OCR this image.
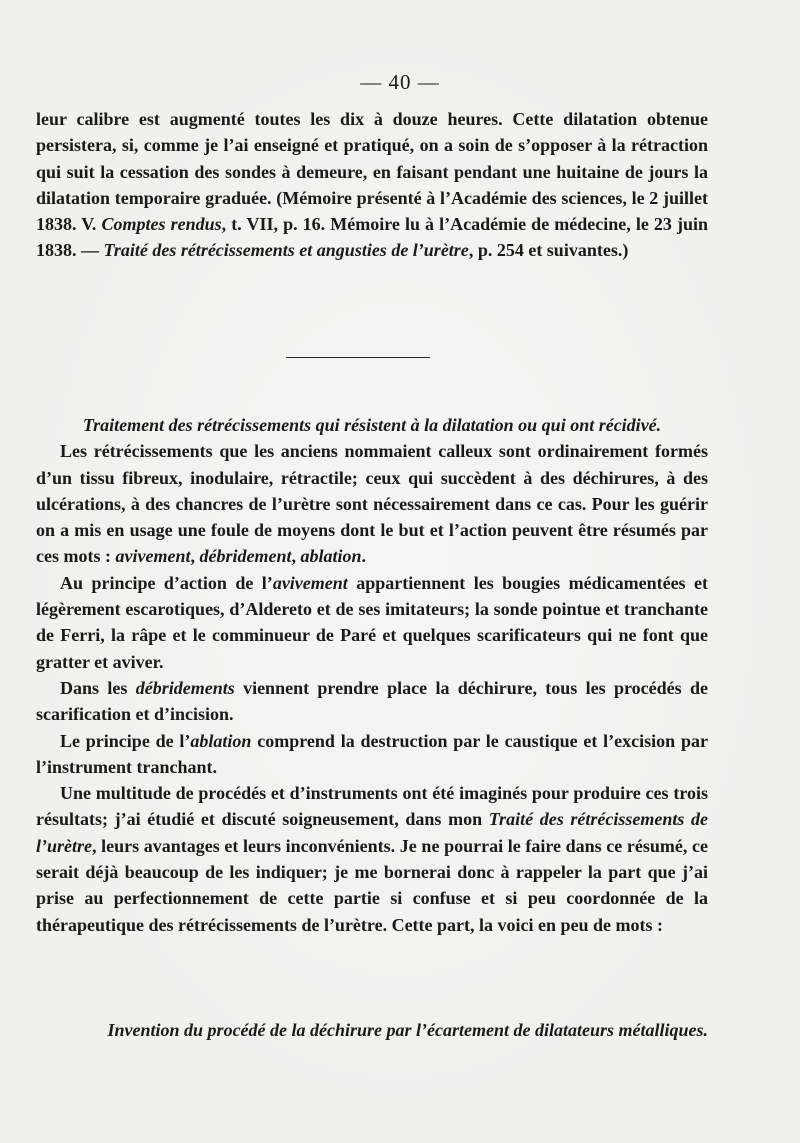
— 40 —

leur calibre est augmenté toutes les dix à douze heures. Cette dilatation obtenue persistera, si, comme je l’ai enseigné et pratiqué, on a soin de s’opposer à la rétraction qui suit la cessation des sondes à demeure, en faisant pendant une huitaine de jours la dilatation temporaire graduée. (Mémoire présenté à l’Académie des sciences, le 2 juillet 1838. V. Comptes rendus, t. VII, p. 16. Mémoire lu à l’Académie de médecine, le 23 juin 1838. — Traité des rétrécissements et angusties de l’urètre, p. 254 et suivantes.)

Traitement des rétrécissements qui résistent à la dilatation ou qui ont récidivé.

Les rétrécissements que les anciens nommaient calleux sont ordinairement formés d’un tissu fibreux, inodulaire, rétractile; ceux qui succèdent à des déchirures, à des ulcérations, à des chancres de l’urètre sont nécessairement dans ce cas. Pour les guérir on a mis en usage une foule de moyens dont le but et l’action peuvent être résumés par ces mots : avivement, débridement, ablation.

Au principe d’action de l’avivement appartiennent les bougies médicamentées et légèrement escarotiques, d’Aldereto et de ses imitateurs; la sonde pointue et tranchante de Ferri, la râpe et le comminueur de Paré et quelques scarificateurs qui ne font que gratter et aviver.

Dans les débridements viennent prendre place la déchirure, tous les procédés de scarification et d’incision.

Le principe de l’ablation comprend la destruction par le caustique et l’excision par l’instrument tranchant.

Une multitude de procédés et d’instruments ont été imaginés pour produire ces trois résultats; j’ai étudié et discuté soigneusement, dans mon Traité des rétrécissements de l’urètre, leurs avantages et leurs inconvénients. Je ne pourrai le faire dans ce résumé, ce serait déjà beaucoup de les indiquer; je me bornerai donc à rappeler la part que j’ai prise au perfectionnement de cette partie si confuse et si peu coordonnée de la thérapeutique des rétrécissements de l’urètre. Cette part, la voici en peu de mots :

Invention du procédé de la déchirure par l’écartement de dilatateurs métalliques.
